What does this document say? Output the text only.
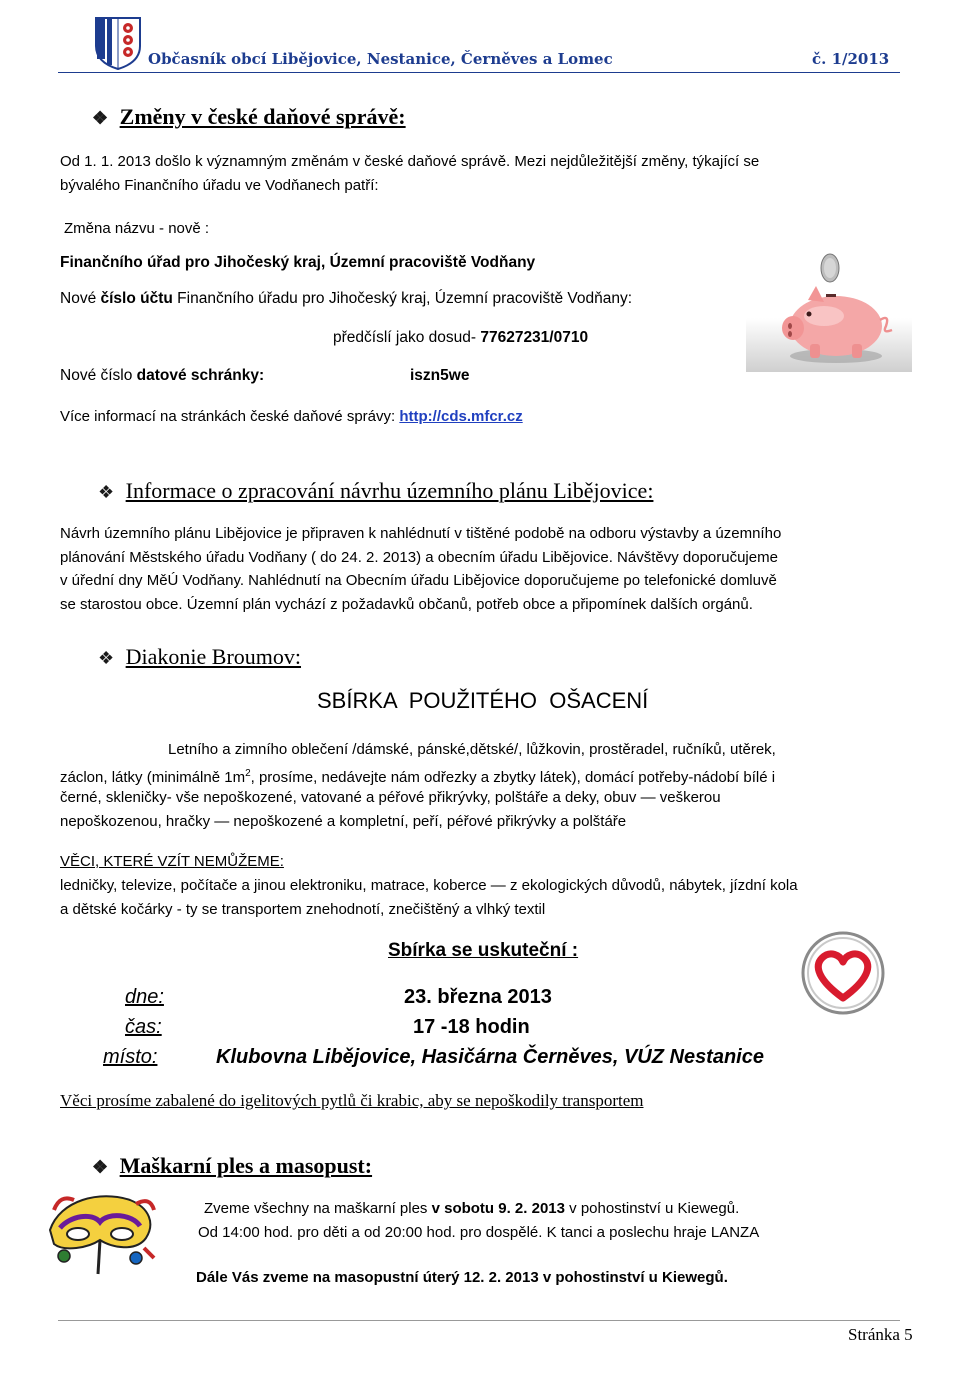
Občasník obcí Libějovice, Nestanice, Černěves a Lomec	č. 1/2013
❖ Změny v české daňové správě:
Od 1. 1. 2013 došlo k významným změnám v české daňové správě. Mezi nejdůležitější změny, týkající se
bývalého Finančního úřadu ve Vodňanech patří:
Změna názvu - nově :
Finančního úřad pro Jihočeský kraj, Územní pracoviště Vodňany
Nové číslo účtu Finančního úřadu pro Jihočeský kraj, Územní pracoviště Vodňany:
předčíslí jako dosud- 77627231/0710
Nové číslo datové schránky:	iszn5we
Více informací na stránkách české daňové správy: http://cds.mfcr.cz
❖ Informace o zpracování návrhu územního plánu Libějovice:
Návrh územního plánu Libějovice je připraven k nahlédnutí v tištěné podobě na odboru výstavby a územního
plánování Městského úřadu Vodňany ( do 24. 2. 2013) a obecním úřadu Libějovice. Návštěvy doporučujeme
v úřední dny MěÚ Vodňany. Nahlédnutí na Obecním úřadu Libějovice doporučujeme po telefonické domluvě
se starostou obce. Územní plán vychází z požadavků občanů, potřeb obce a připomínek dalších orgánů.
❖ Diakonie Broumov:
SBÍRKA  POUŽITÉHO  OŠACENÍ
Letního a zimního oblečení /dámské, pánské,dětské/, lůžkovin, prostěradel, ručníků, utěrek,
záclon, látky (minimálně $1m^2$, prosíme, nedávejte nám odřezky a zbytky látek), domácí potřeby-nádobí bílé i
černé, skleničky- vše nepoškozené, vatované a péřové přikrývky, polštáře a deky, obuv — veškerou
nepoškozenou, hračky — nepoškozené a kompletní, peří, péřové přikrývky a polštáře
VĚCI, KTERÉ VZÍT NEMŮŽEME:
ledničky, televize, počítače a jinou elektroniku, matrace, koberce — z ekologických důvodů, nábytek, jízdní kola
a dětské kočárky - ty se transportem znehodnotí, znečištěný a vlhký textil
Sbírka se uskuteční :
dne:	23. března 2013
čas:	17 -18 hodin
místo:	Klubovna Libějovice, Hasičárna Černěves, VÚZ Nestanice
Věci prosíme zabalené do igelitových pytlů či krabic, aby se nepoškodily transportem
❖ Maškarní ples a masopust:
Zveme všechny na maškarní ples v sobotu 9. 2. 2013 v pohostinství u Kiewegů.
Od 14:00 hod. pro děti a od 20:00 hod. pro dospělé. K tanci a poslechu hraje LANZA
Dále Vás zveme na masopustní úterý 12. 2. 2013 v pohostinství u Kiewegů.
Stránka 5
